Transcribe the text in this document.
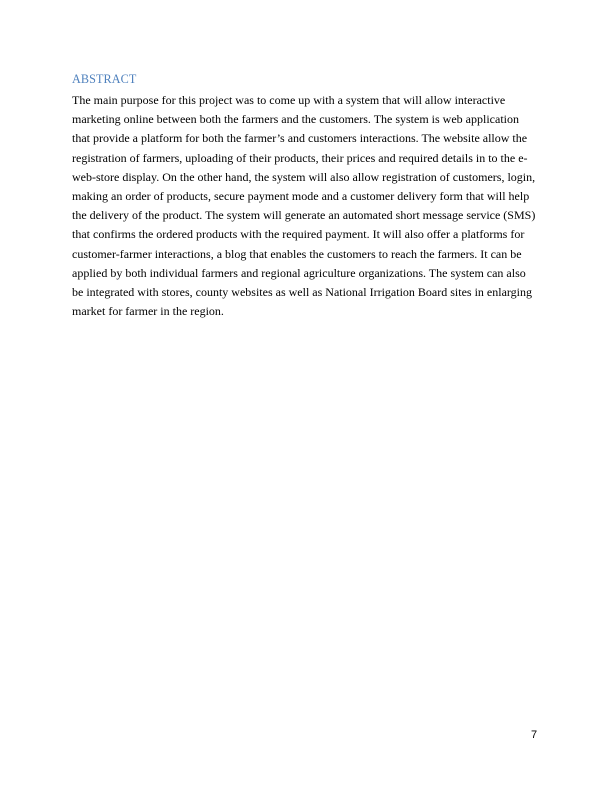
ABSTRACT
The main purpose for this project was to come up with a system that will allow interactive
marketing online between both the farmers and the customers. The system is web application
that provide a platform for both the farmer’s and customers interactions. The website allow the
registration of farmers, uploading of their products, their prices and required details in to the e-
web-store display. On the other hand, the system will also allow registration of customers, login,
making an order of products, secure payment mode and a customer delivery form that will help
the delivery of the product. The system will generate an automated short message service (SMS)
that confirms the ordered products with the required payment. It will also offer a platforms for
customer-farmer interactions, a blog that enables the customers to reach the farmers. It can be
applied by both individual farmers and regional agriculture organizations. The system can also
be integrated with stores, county websites as well as National Irrigation Board sites in enlarging
market for farmer in the region.
7
